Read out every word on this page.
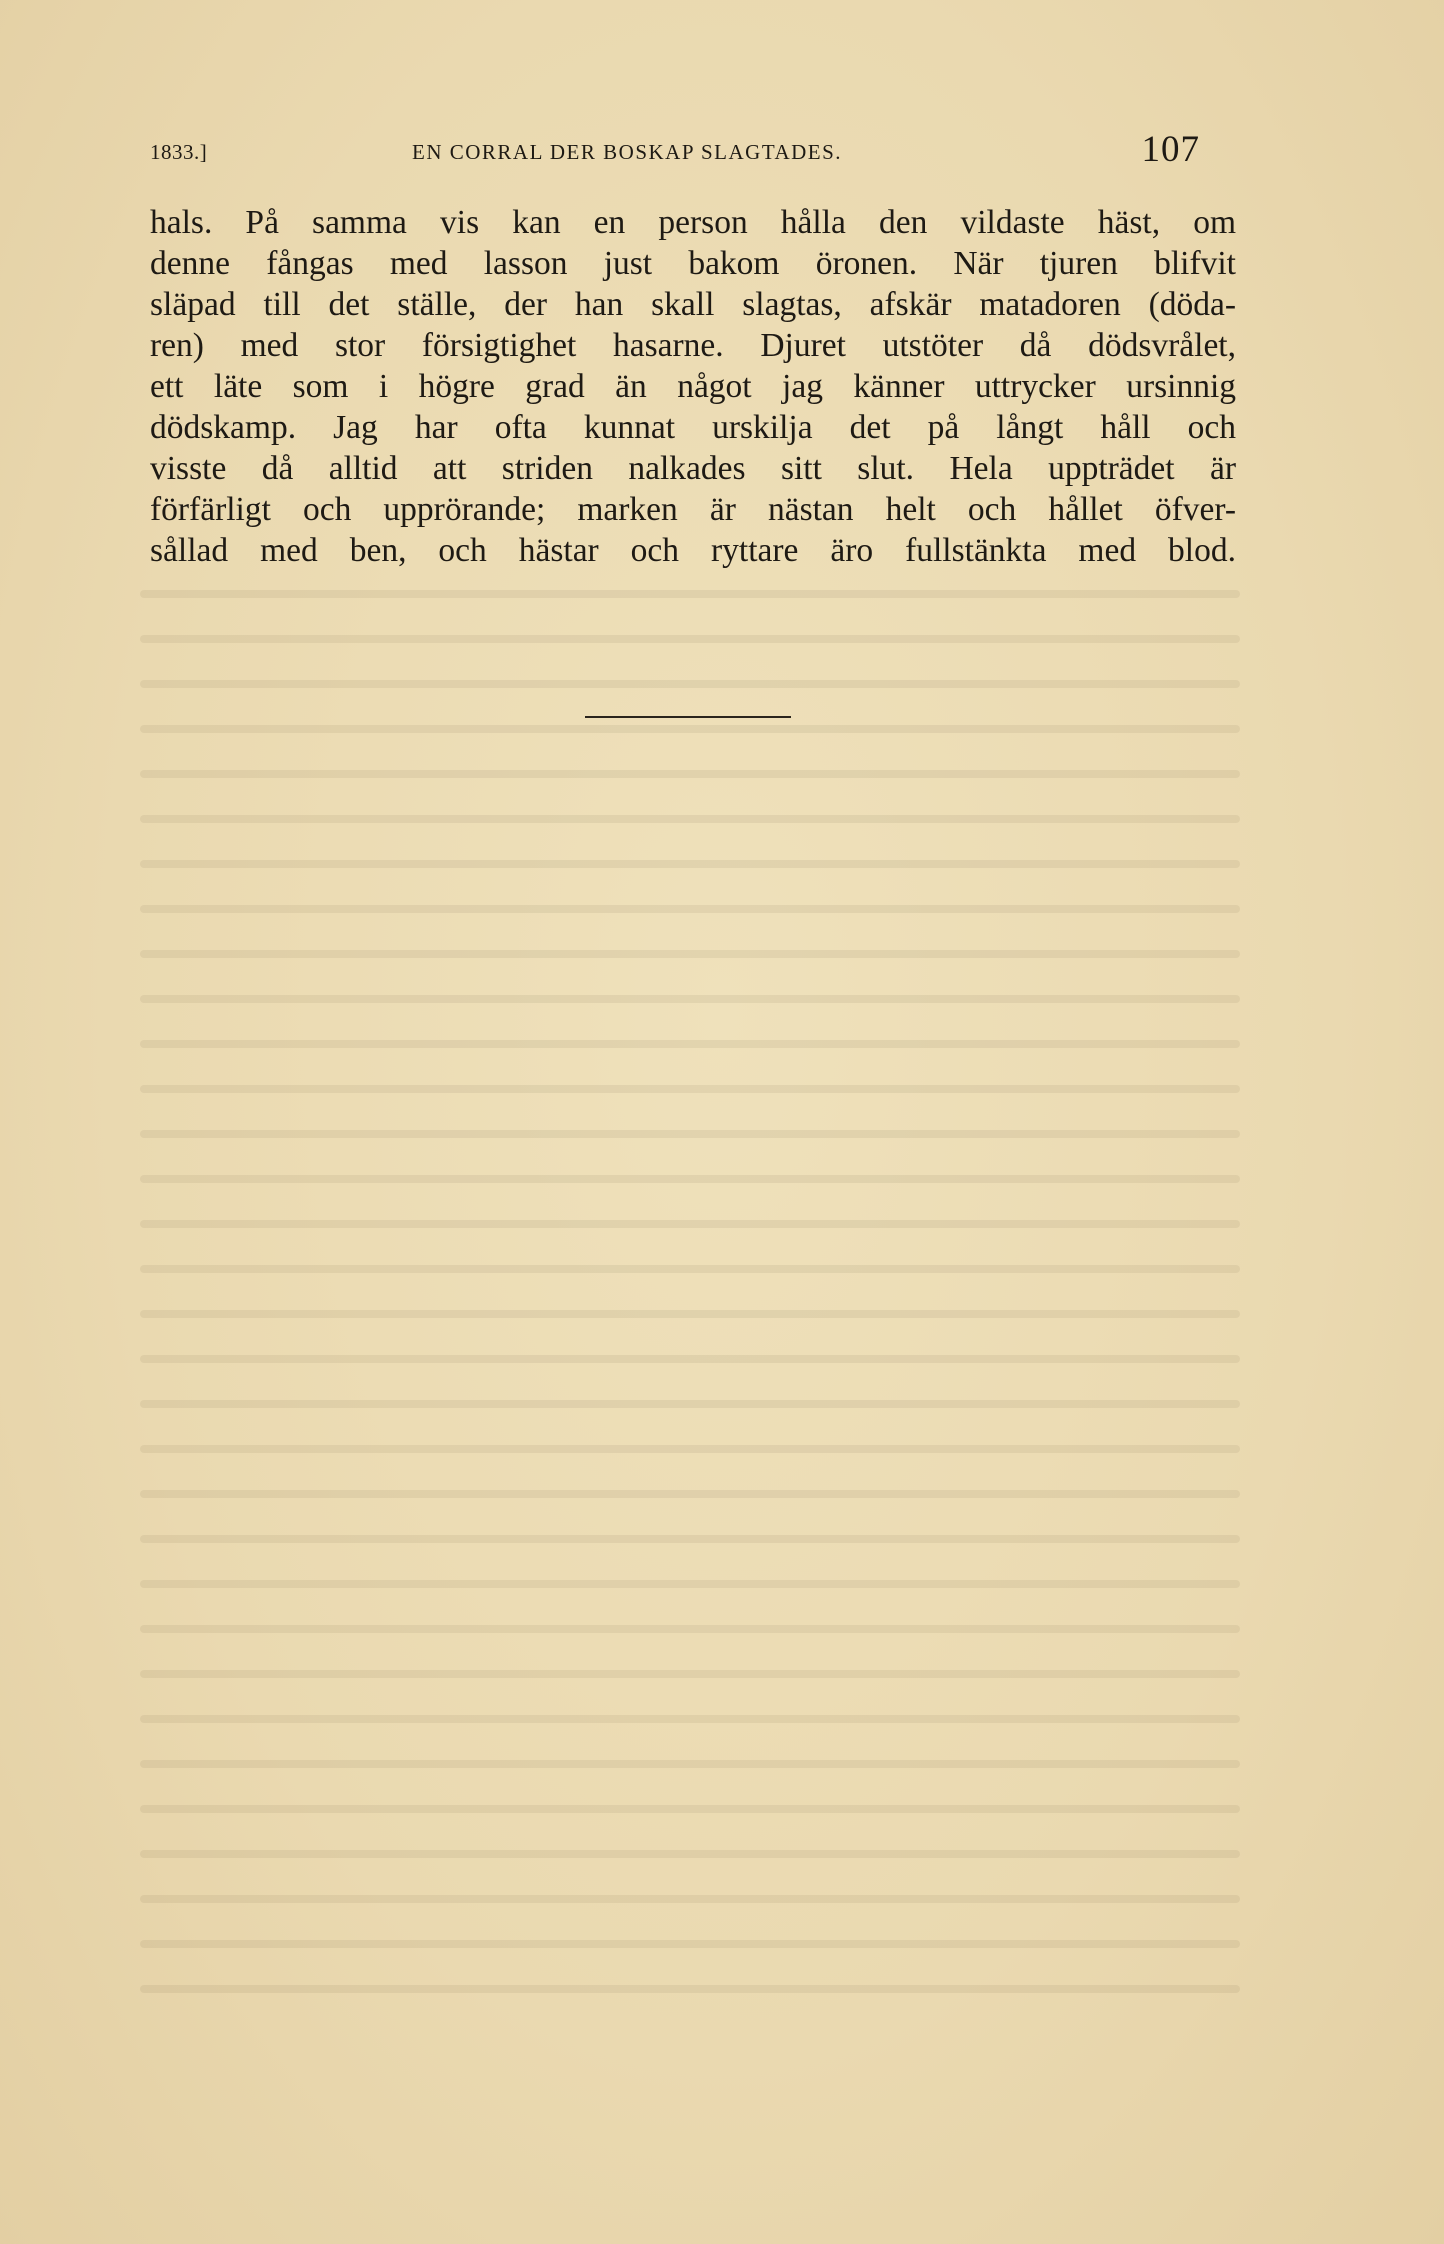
1833.]	EN CORRAL DER BOSKAP SLAGTADES.	107
hals. På samma vis kan en person hålla den vildaste häst, om
denne fångas med lasson just bakom öronen. När tjuren blifvit
släpad till det ställe, der han skall slagtas, afskär matadoren (döda-
ren) med stor försigtighet hasarne. Djuret utstöter då dödsvrålet,
ett läte som i högre grad än något jag känner uttrycker ursinnig
dödskamp. Jag har ofta kunnat urskilja det på långt håll och
visste då alltid att striden nalkades sitt slut. Hela uppträdet är
förfärligt och upprörande; marken är nästan helt och hållet öfver-
sållad med ben, och hästar och ryttare äro fullstänkta med blod.
